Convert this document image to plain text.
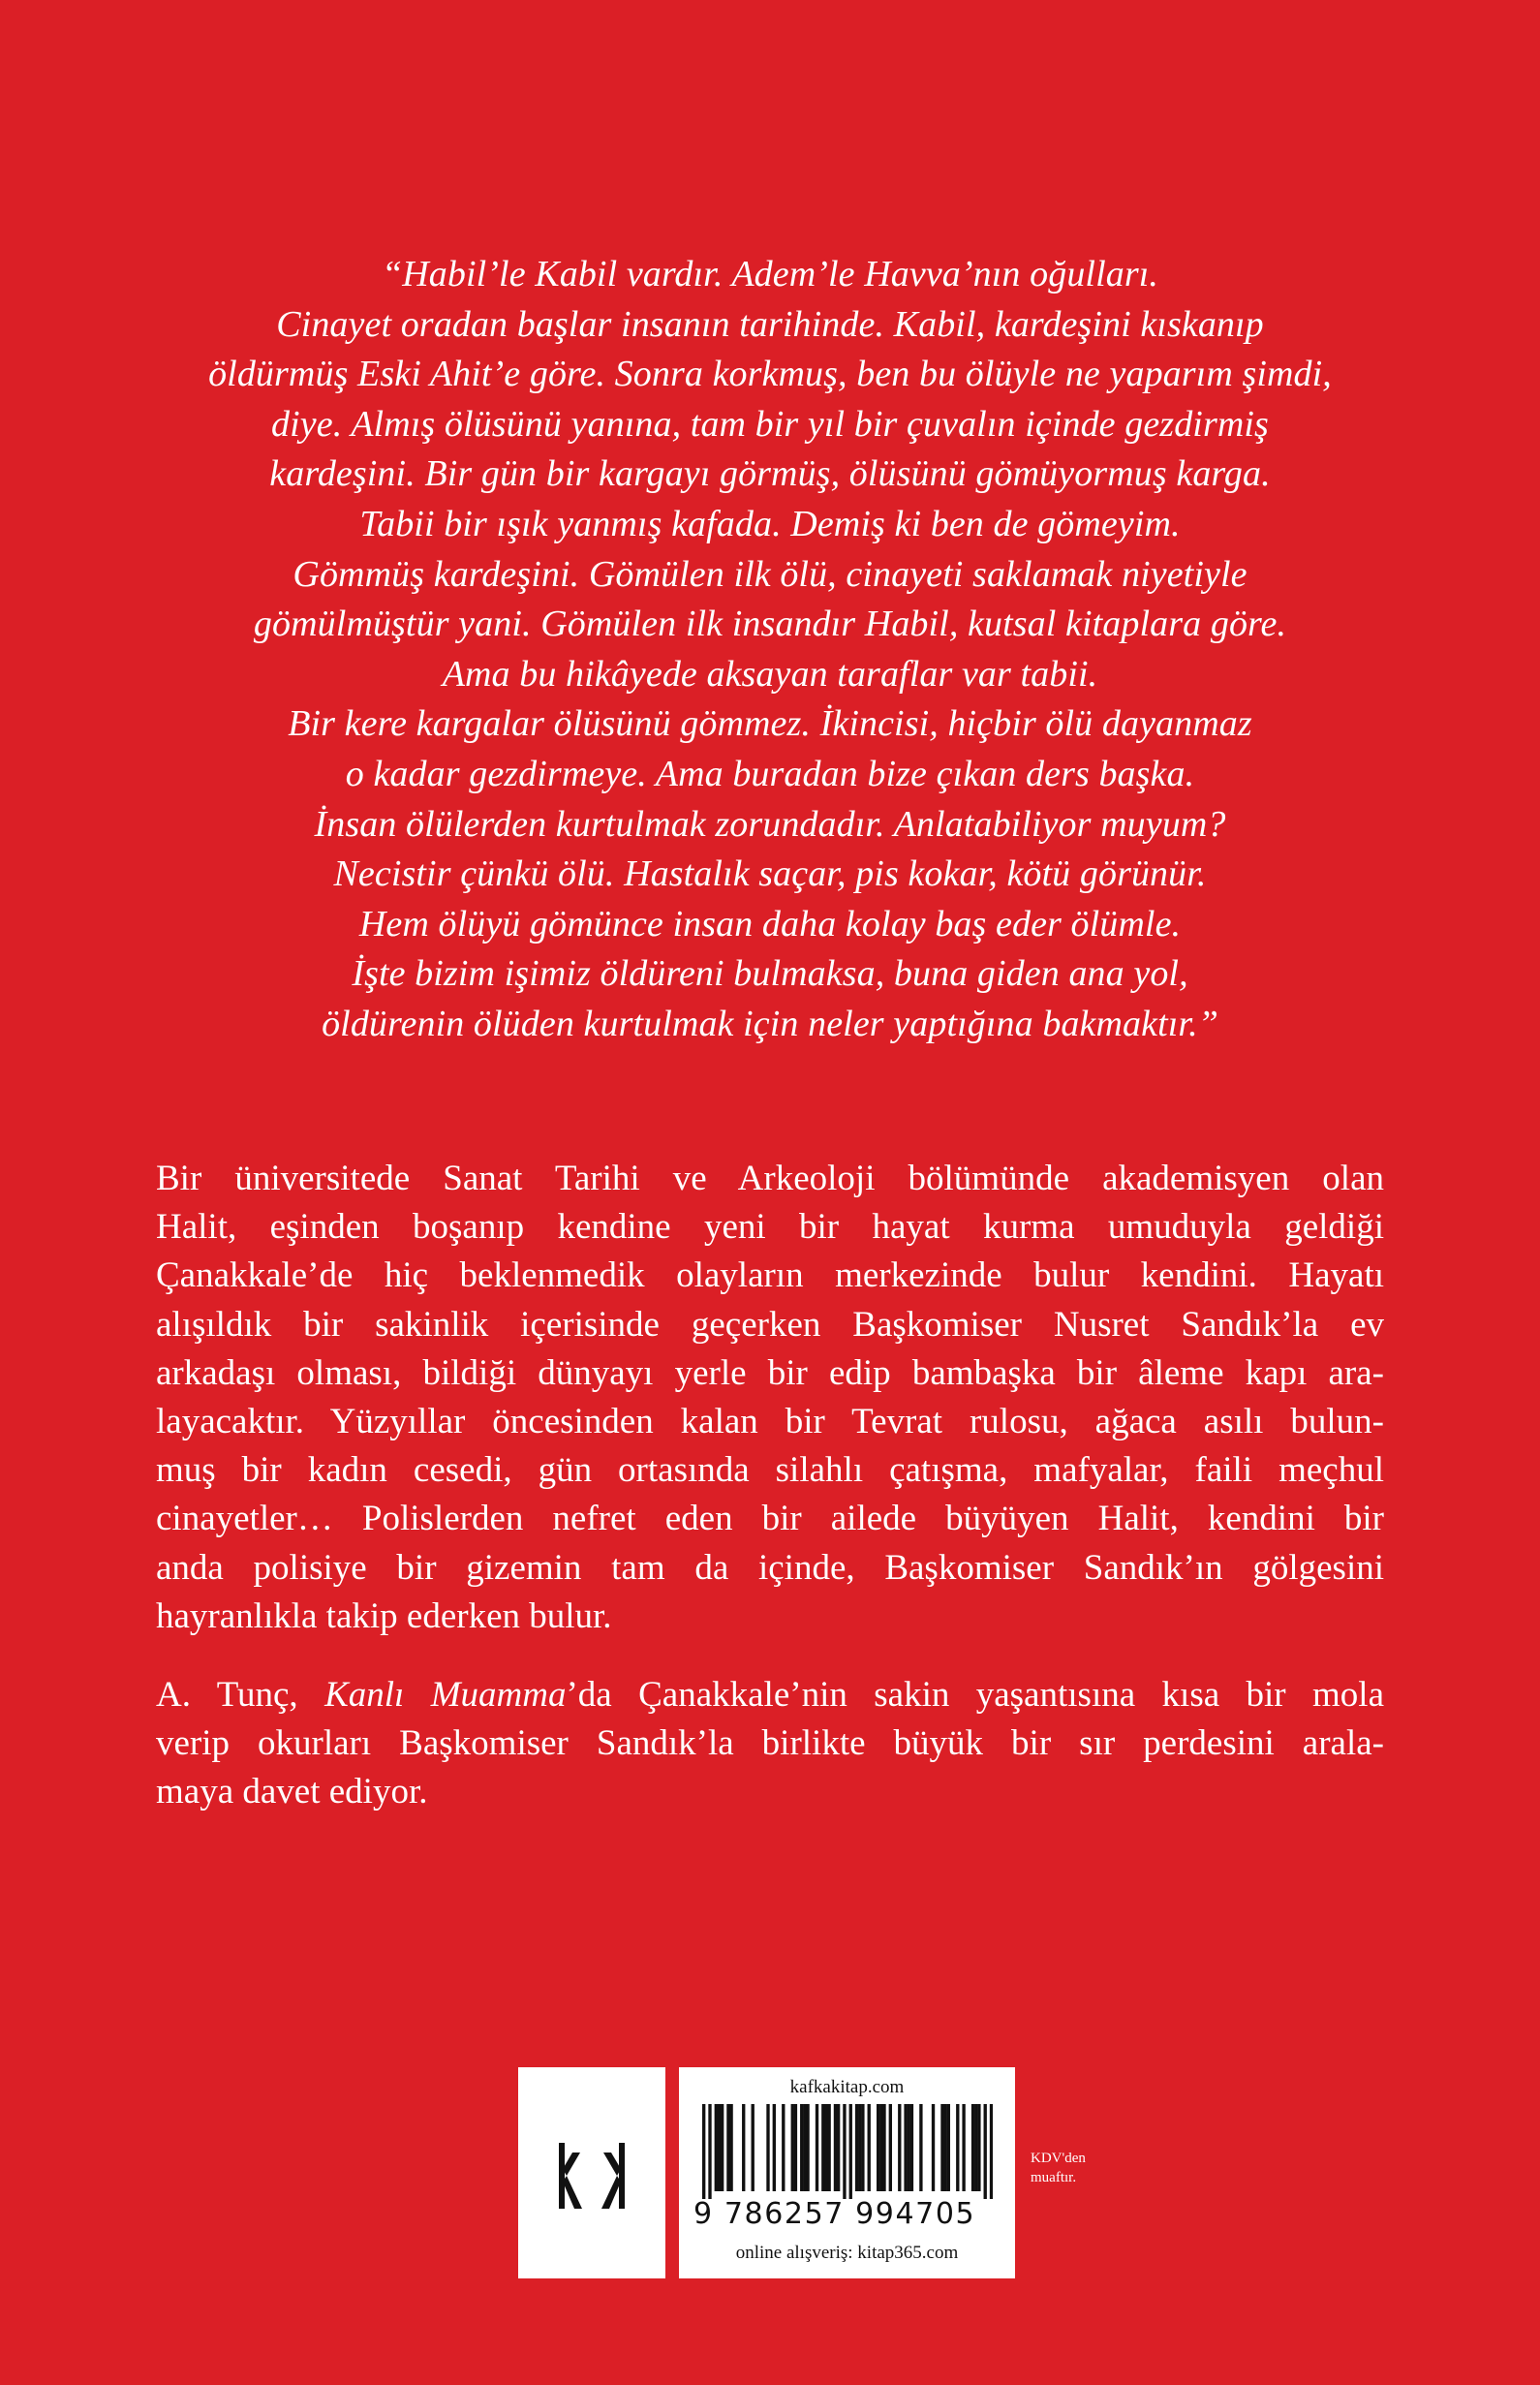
“Habil’le Kabil vardır. Adem’le Havva’nın oğulları.
Cinayet oradan başlar insanın tarihinde. Kabil, kardeşini kıskanıp
öldürmüş Eski Ahit’e göre. Sonra korkmuş, ben bu ölüyle ne yaparım şimdi,
diye. Almış ölüsünü yanına, tam bir yıl bir çuvalın içinde gezdirmiş
kardeşini. Bir gün bir kargayı görmüş, ölüsünü gömüyormuş karga.
Tabii bir ışık yanmış kafada. Demiş ki ben de gömeyim.
Gömmüş kardeşini. Gömülen ilk ölü, cinayeti saklamak niyetiyle
gömülmüştür yani. Gömülen ilk insandır Habil, kutsal kitaplara göre.
Ama bu hikâyede aksayan taraflar var tabii.
Bir kere kargalar ölüsünü gömmez. İkincisi, hiçbir ölü dayanmaz
o kadar gezdirmeye. Ama buradan bize çıkan ders başka.
İnsan ölülerden kurtulmak zorundadır. Anlatabiliyor muyum?
Necistir çünkü ölü. Hastalık saçar, pis kokar, kötü görünür.
Hem ölüyü gömünce insan daha kolay baş eder ölümle.
İşte bizim işimiz öldüreni bulmaksa, buna giden ana yol,
öldürenin ölüden kurtulmak için neler yaptığına bakmaktır.”
Bir üniversitede Sanat Tarihi ve Arkeoloji bölümünde akademisyen olan
Halit, eşinden boşanıp kendine yeni bir hayat kurma umuduyla geldiği
Çanakkale’de hiç beklenmedik olayların merkezinde bulur kendini. Hayatı
alışıldık bir sakinlik içerisinde geçerken Başkomiser Nusret Sandık’la ev
arkadaşı olması, bildiği dünyayı yerle bir edip bambaşka bir âleme kapı ara-
layacaktır. Yüzyıllar öncesinden kalan bir Tevrat rulosu, ağaca asılı bulun-
muş bir kadın cesedi, gün ortasında silahlı çatışma, mafyalar, faili meçhul
cinayetler… Polislerden nefret eden bir ailede büyüyen Halit, kendini bir
anda polisiye bir gizemin tam da içinde, Başkomiser Sandık’ın gölgesini
hayranlıkla takip ederken bulur.
A. Tunç, Kanlı Muamma’da Çanakkale’nin sakin yaşantısına kısa bir mola
verip okurları Başkomiser Sandık’la birlikte büyük bir sır perdesini arala-
maya davet ediyor.
kafkakitap.com
9 786257 994705
online alışveriş: kitap365.com
KDV'den
muaftır.
